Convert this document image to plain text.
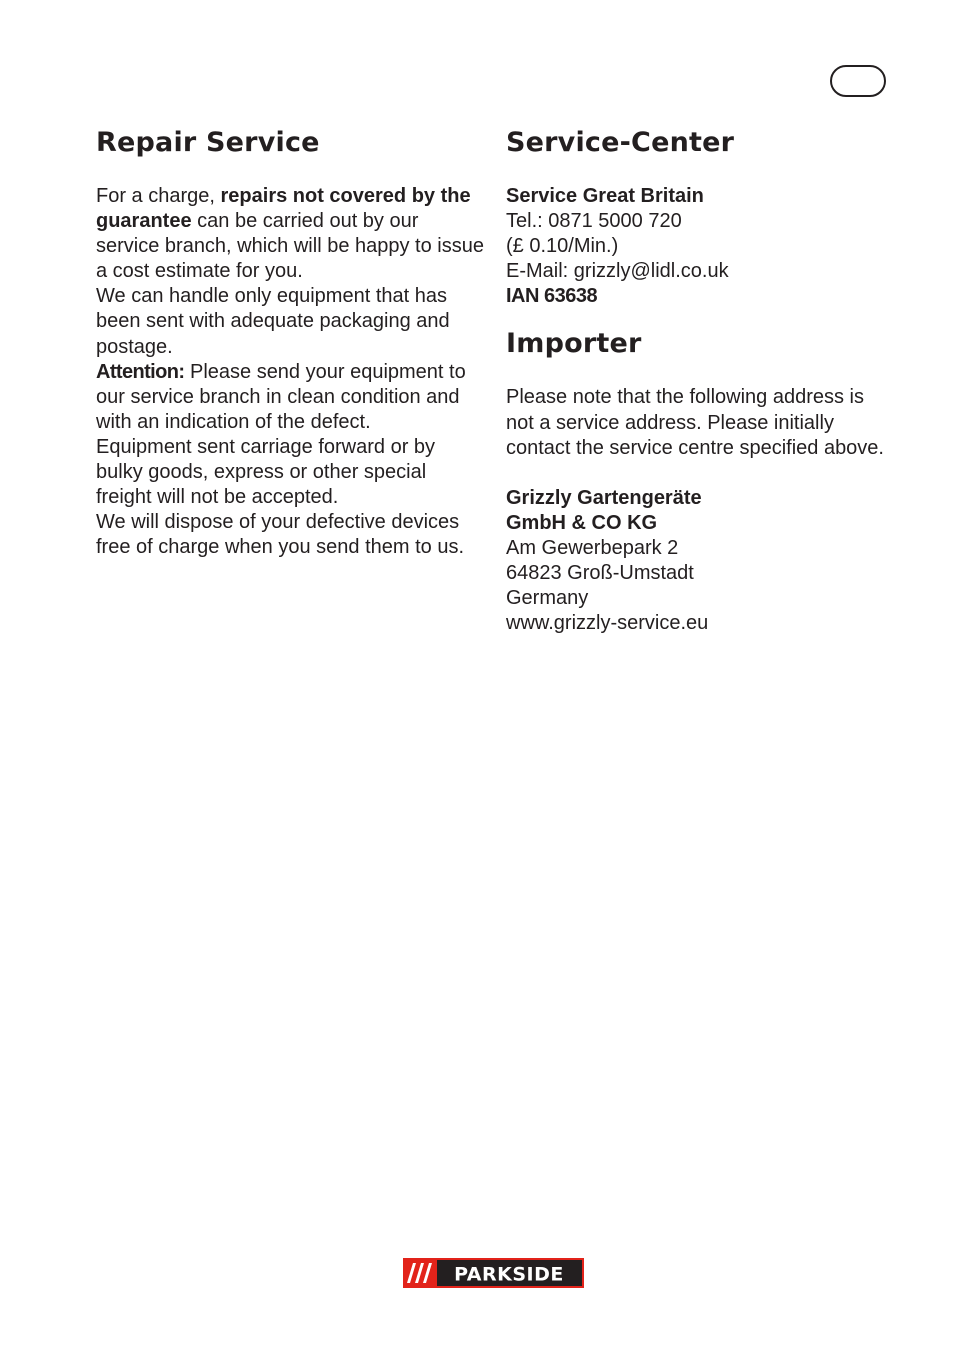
Repair Service
For a charge, repairs not covered by the guarantee can be carried out by our service branch, which will be happy to issue a cost estimate for you.
We can handle only equipment that has been sent with adequate packaging and postage.
Attention: Please send your equipment to our service branch in clean condition and with an indication of the defect.
Equipment sent carriage forward or by bulky goods, express or other special freight will not be accepted.
We will dispose of your defective devices free of charge when you send them to us.
Service-Center
Service Great Britain
Tel.: 0871 5000 720
(£ 0.10/Min.)
E-Mail: grizzly@lidl.co.uk
IAN 63638
Importer
Please note that the following address is not a service address. Please initially contact the service centre specified above.
Grizzly Gartengeräte
GmbH & CO KG
Am Gewerbepark 2
64823 Groß-Umstadt
Germany
www.grizzly-service.eu
PARKSIDE
